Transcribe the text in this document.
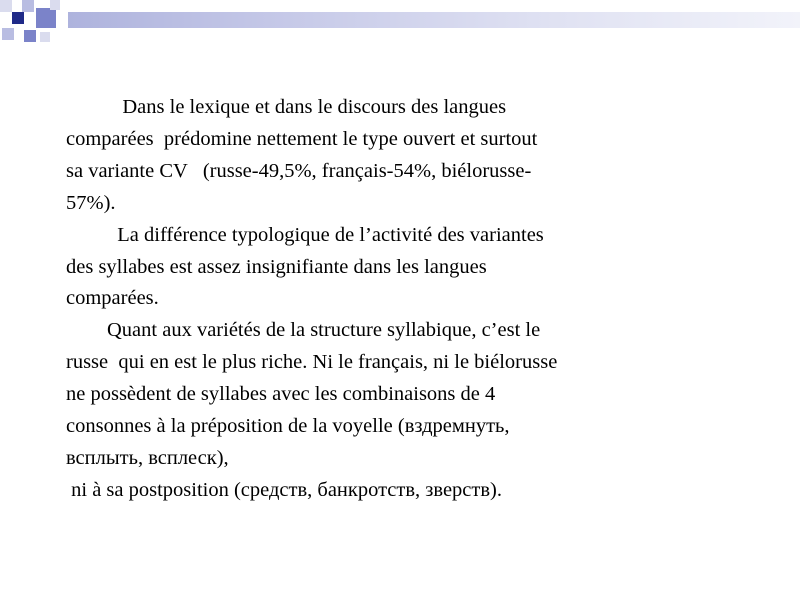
Dans le lexique et dans le discours des langues
comparées  prédomine nettement le type ouvert et surtout
sa variante CV   (russe-49,5%, français-54%, biélorusse-
57%).
La différence typologique de l’activité des variantes
des syllabes est assez insignifiante dans les langues
comparées.
Quant aux variétés de la structure syllabique, c’est le
russe  qui en est le plus riche. Ni le français, ni le biélorusse
ne possèdent de syllabes avec les combinaisons de 4
consonnes à la préposition de la voyelle (вздремнуть,
всплыть, всплеск),
ni à sa postposition (средств, банкротств, зверств).
